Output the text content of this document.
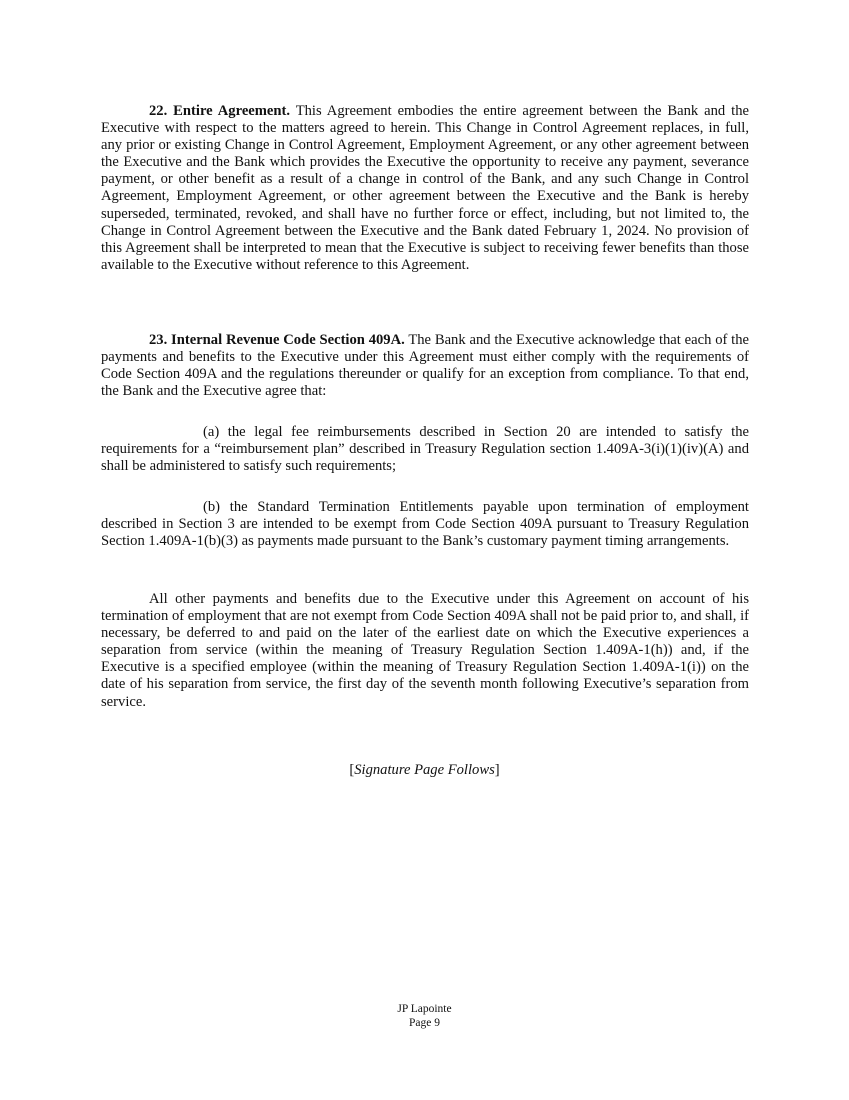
22. Entire Agreement. This Agreement embodies the entire agreement between the Bank and the Executive with respect to the matters agreed to herein. This Change in Control Agreement replaces, in full, any prior or existing Change in Control Agreement, Employment Agreement, or any other agreement between the Executive and the Bank which provides the Executive the opportunity to receive any payment, severance payment, or other benefit as a result of a change in control of the Bank, and any such Change in Control Agreement, Employment Agreement, or other agreement between the Executive and the Bank is hereby superseded, terminated, revoked, and shall have no further force or effect, including, but not limited to, the Change in Control Agreement between the Executive and the Bank dated February 1, 2024. No provision of this Agreement shall be interpreted to mean that the Executive is subject to receiving fewer benefits than those available to the Executive without reference to this Agreement.

23. Internal Revenue Code Section 409A. The Bank and the Executive acknowledge that each of the payments and benefits to the Executive under this Agreement must either comply with the requirements of Code Section 409A and the regulations thereunder or qualify for an exception from compliance. To that end, the Bank and the Executive agree that:

(a) the legal fee reimbursements described in Section 20 are intended to satisfy the requirements for a “reimbursement plan” described in Treasury Regulation section 1.409A-3(i)(1)(iv)(A) and shall be administered to satisfy such requirements;

(b) the Standard Termination Entitlements payable upon termination of employment described in Section 3 are intended to be exempt from Code Section 409A pursuant to Treasury Regulation Section 1.409A-1(b)(3) as payments made pursuant to the Bank’s customary payment timing arrangements.

All other payments and benefits due to the Executive under this Agreement on account of his termination of employment that are not exempt from Code Section 409A shall not be paid prior to, and shall, if necessary, be deferred to and paid on the later of the earliest date on which the Executive experiences a separation from service (within the meaning of Treasury Regulation Section 1.409A-1(h)) and, if the Executive is a specified employee (within the meaning of Treasury Regulation Section 1.409A-1(i)) on the date of his separation from service, the first day of the seventh month following Executive’s separation from service.

[Signature Page Follows]
JP Lapointe
Page 9
